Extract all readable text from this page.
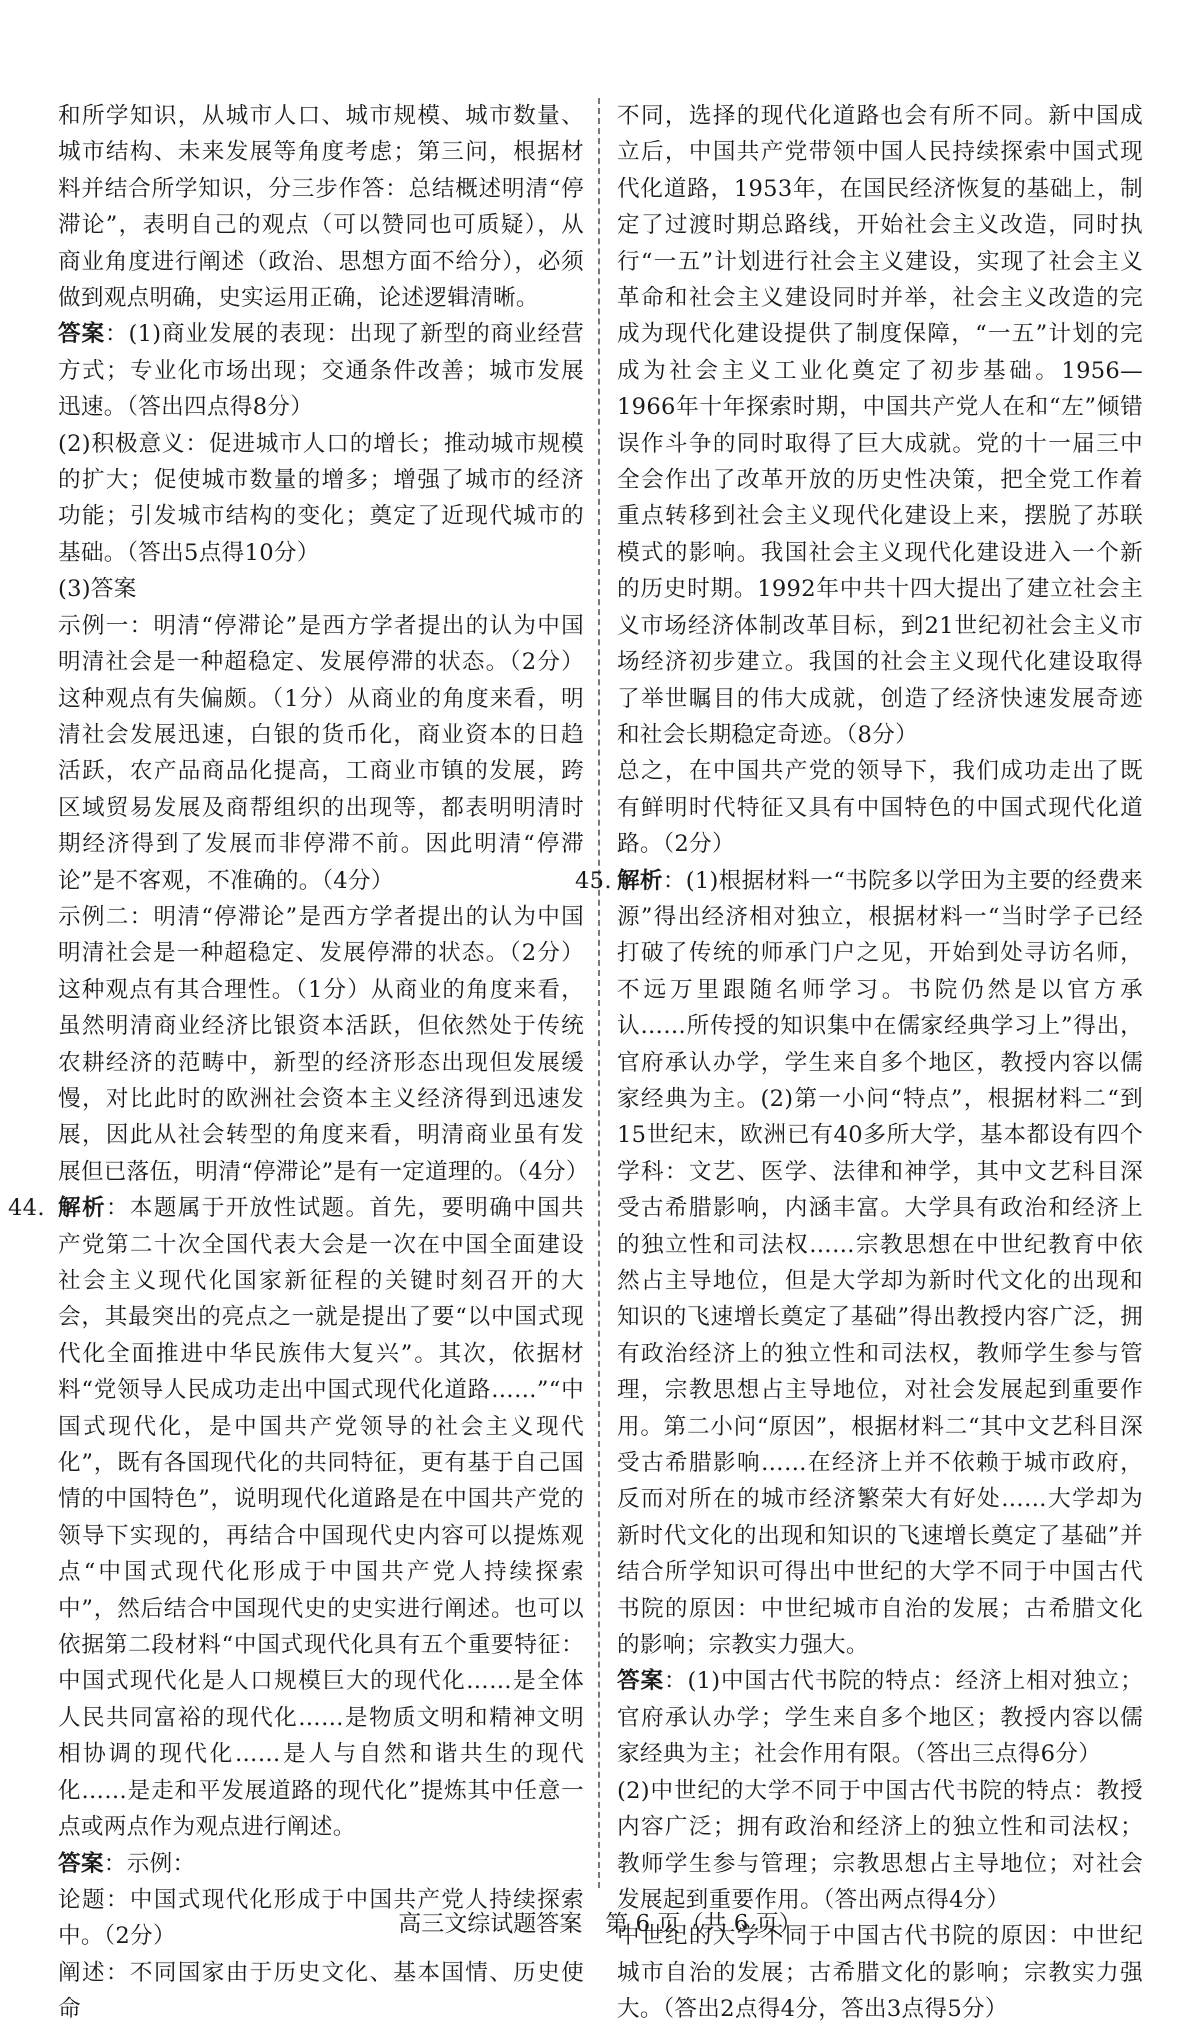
和所学知识，从城市人口、城市规模、城市数量、城市结构、未来发展等角度考虑；第三问，根据材料并结合所学知识，分三步作答：总结概述明清“停滞论”，表明自己的观点（可以赞同也可质疑），从商业角度进行阐述（政治、思想方面不给分），必须做到观点明确，史实运用正确，论述逻辑清晰。

答案：(1)商业发展的表现：出现了新型的商业经营方式；专业化市场出现；交通条件改善；城市发展迅速。（答出四点得8分）

(2)积极意义：促进城市人口的增长；推动城市规模的扩大；促使城市数量的增多；增强了城市的经济功能；引发城市结构的变化；奠定了近现代城市的基础。（答出5点得10分）

(3)答案

示例一：明清“停滞论”是西方学者提出的认为中国明清社会是一种超稳定、发展停滞的状态。（2分）这种观点有失偏颇。（1分）从商业的角度来看，明清社会发展迅速，白银的货币化，商业资本的日趋活跃，农产品商品化提高，工商业市镇的发展，跨区域贸易发展及商帮组织的出现等，都表明明清时期经济得到了发展而非停滞不前。因此明清“停滞论”是不客观，不准确的。（4分）

示例二：明清“停滞论”是西方学者提出的认为中国明清社会是一种超稳定、发展停滞的状态。（2分）这种观点有其合理性。（1分）从商业的角度来看，虽然明清商业经济比银资本活跃，但依然处于传统农耕经济的范畴中，新型的经济形态出现但发展缓慢，对比此时的欧洲社会资本主义经济得到迅速发展，因此从社会转型的角度来看，明清商业虽有发展但已落伍，明清“停滞论”是有一定道理的。（4分）

44. 解析：本题属于开放性试题。首先，要明确中国共产党第二十次全国代表大会是一次在中国全面建设社会主义现代化国家新征程的关键时刻召开的大会，其最突出的亮点之一就是提出了要“以中国式现代化全面推进中华民族伟大复兴”。其次，依据材料“党领导人民成功走出中国式现代化道路……”“中国式现代化，是中国共产党领导的社会主义现代化”，既有各国现代化的共同特征，更有基于自己国情的中国特色”，说明现代化道路是在中国共产党的领导下实现的，再结合中国现代史内容可以提炼观点“中国式现代化形成于中国共产党人持续探索中”，然后结合中国现代史的史实进行阐述。也可以依据第二段材料“中国式现代化具有五个重要特征：中国式现代化是人口规模巨大的现代化……是全体人民共同富裕的现代化……是物质文明和精神文明相协调的现代化……是人与自然和谐共生的现代化……是走和平发展道路的现代化”提炼其中任意一点或两点作为观点进行阐述。

答案：示例：

论题：中国式现代化形成于中国共产党人持续探索中。（2分）

阐述：不同国家由于历史文化、基本国情、历史使命

不同，选择的现代化道路也会有所不同。新中国成立后，中国共产党带领中国人民持续探索中国式现代化道路，1953年，在国民经济恢复的基础上，制定了过渡时期总路线，开始社会主义改造，同时执行“一五”计划进行社会主义建设，实现了社会主义革命和社会主义建设同时并举，社会主义改造的完成为现代化建设提供了制度保障，“一五”计划的完成为社会主义工业化奠定了初步基础。1956—1966年十年探索时期，中国共产党人在和“左”倾错误作斗争的同时取得了巨大成就。党的十一届三中全会作出了改革开放的历史性决策，把全党工作着重点转移到社会主义现代化建设上来，摆脱了苏联模式的影响。我国社会主义现代化建设进入一个新的历史时期。1992年中共十四大提出了建立社会主义市场经济体制改革目标，到21世纪初社会主义市场经济初步建立。我国的社会主义现代化建设取得了举世瞩目的伟大成就，创造了经济快速发展奇迹和社会长期稳定奇迹。（8分）

总之，在中国共产党的领导下，我们成功走出了既有鲜明时代特征又具有中国特色的中国式现代化道路。（2分）

45. 解析：(1)根据材料一“书院多以学田为主要的经费来源”得出经济相对独立，根据材料一“当时学子已经打破了传统的师承门户之见，开始到处寻访名师，不远万里跟随名师学习。书院仍然是以官方承认……所传授的知识集中在儒家经典学习上”得出，官府承认办学，学生来自多个地区，教授内容以儒家经典为主。(2)第一小问“特点”，根据材料二“到15世纪末，欧洲已有40多所大学，基本都设有四个学科：文艺、医学、法律和神学，其中文艺科目深受古希腊影响，内涵丰富。大学具有政治和经济上的独立性和司法权……宗教思想在中世纪教育中依然占主导地位，但是大学却为新时代文化的出现和知识的飞速增长奠定了基础”得出教授内容广泛，拥有政治经济上的独立性和司法权，教师学生参与管理，宗教思想占主导地位，对社会发展起到重要作用。第二小问“原因”，根据材料二“其中文艺科目深受古希腊影响……在经济上并不依赖于城市政府，反而对所在的城市经济繁荣大有好处……大学却为新时代文化的出现和知识的飞速增长奠定了基础”并结合所学知识可得出中世纪的大学不同于中国古代书院的原因：中世纪城市自治的发展；古希腊文化的影响；宗教实力强大。

答案：(1)中国古代书院的特点：经济上相对独立；官府承认办学；学生来自多个地区；教授内容以儒家经典为主；社会作用有限。（答出三点得6分）

(2)中世纪的大学不同于中国古代书院的特点：教授内容广泛；拥有政治和经济上的独立性和司法权；教师学生参与管理；宗教思想占主导地位；对社会发展起到重要作用。（答出两点得4分）

中世纪的大学不同于中国古代书院的原因：中世纪城市自治的发展；古希腊文化的影响；宗教实力强大。（答出2点得4分，答出3点得5分）

高三文综试题答案　第 6 页（共 6 页）
